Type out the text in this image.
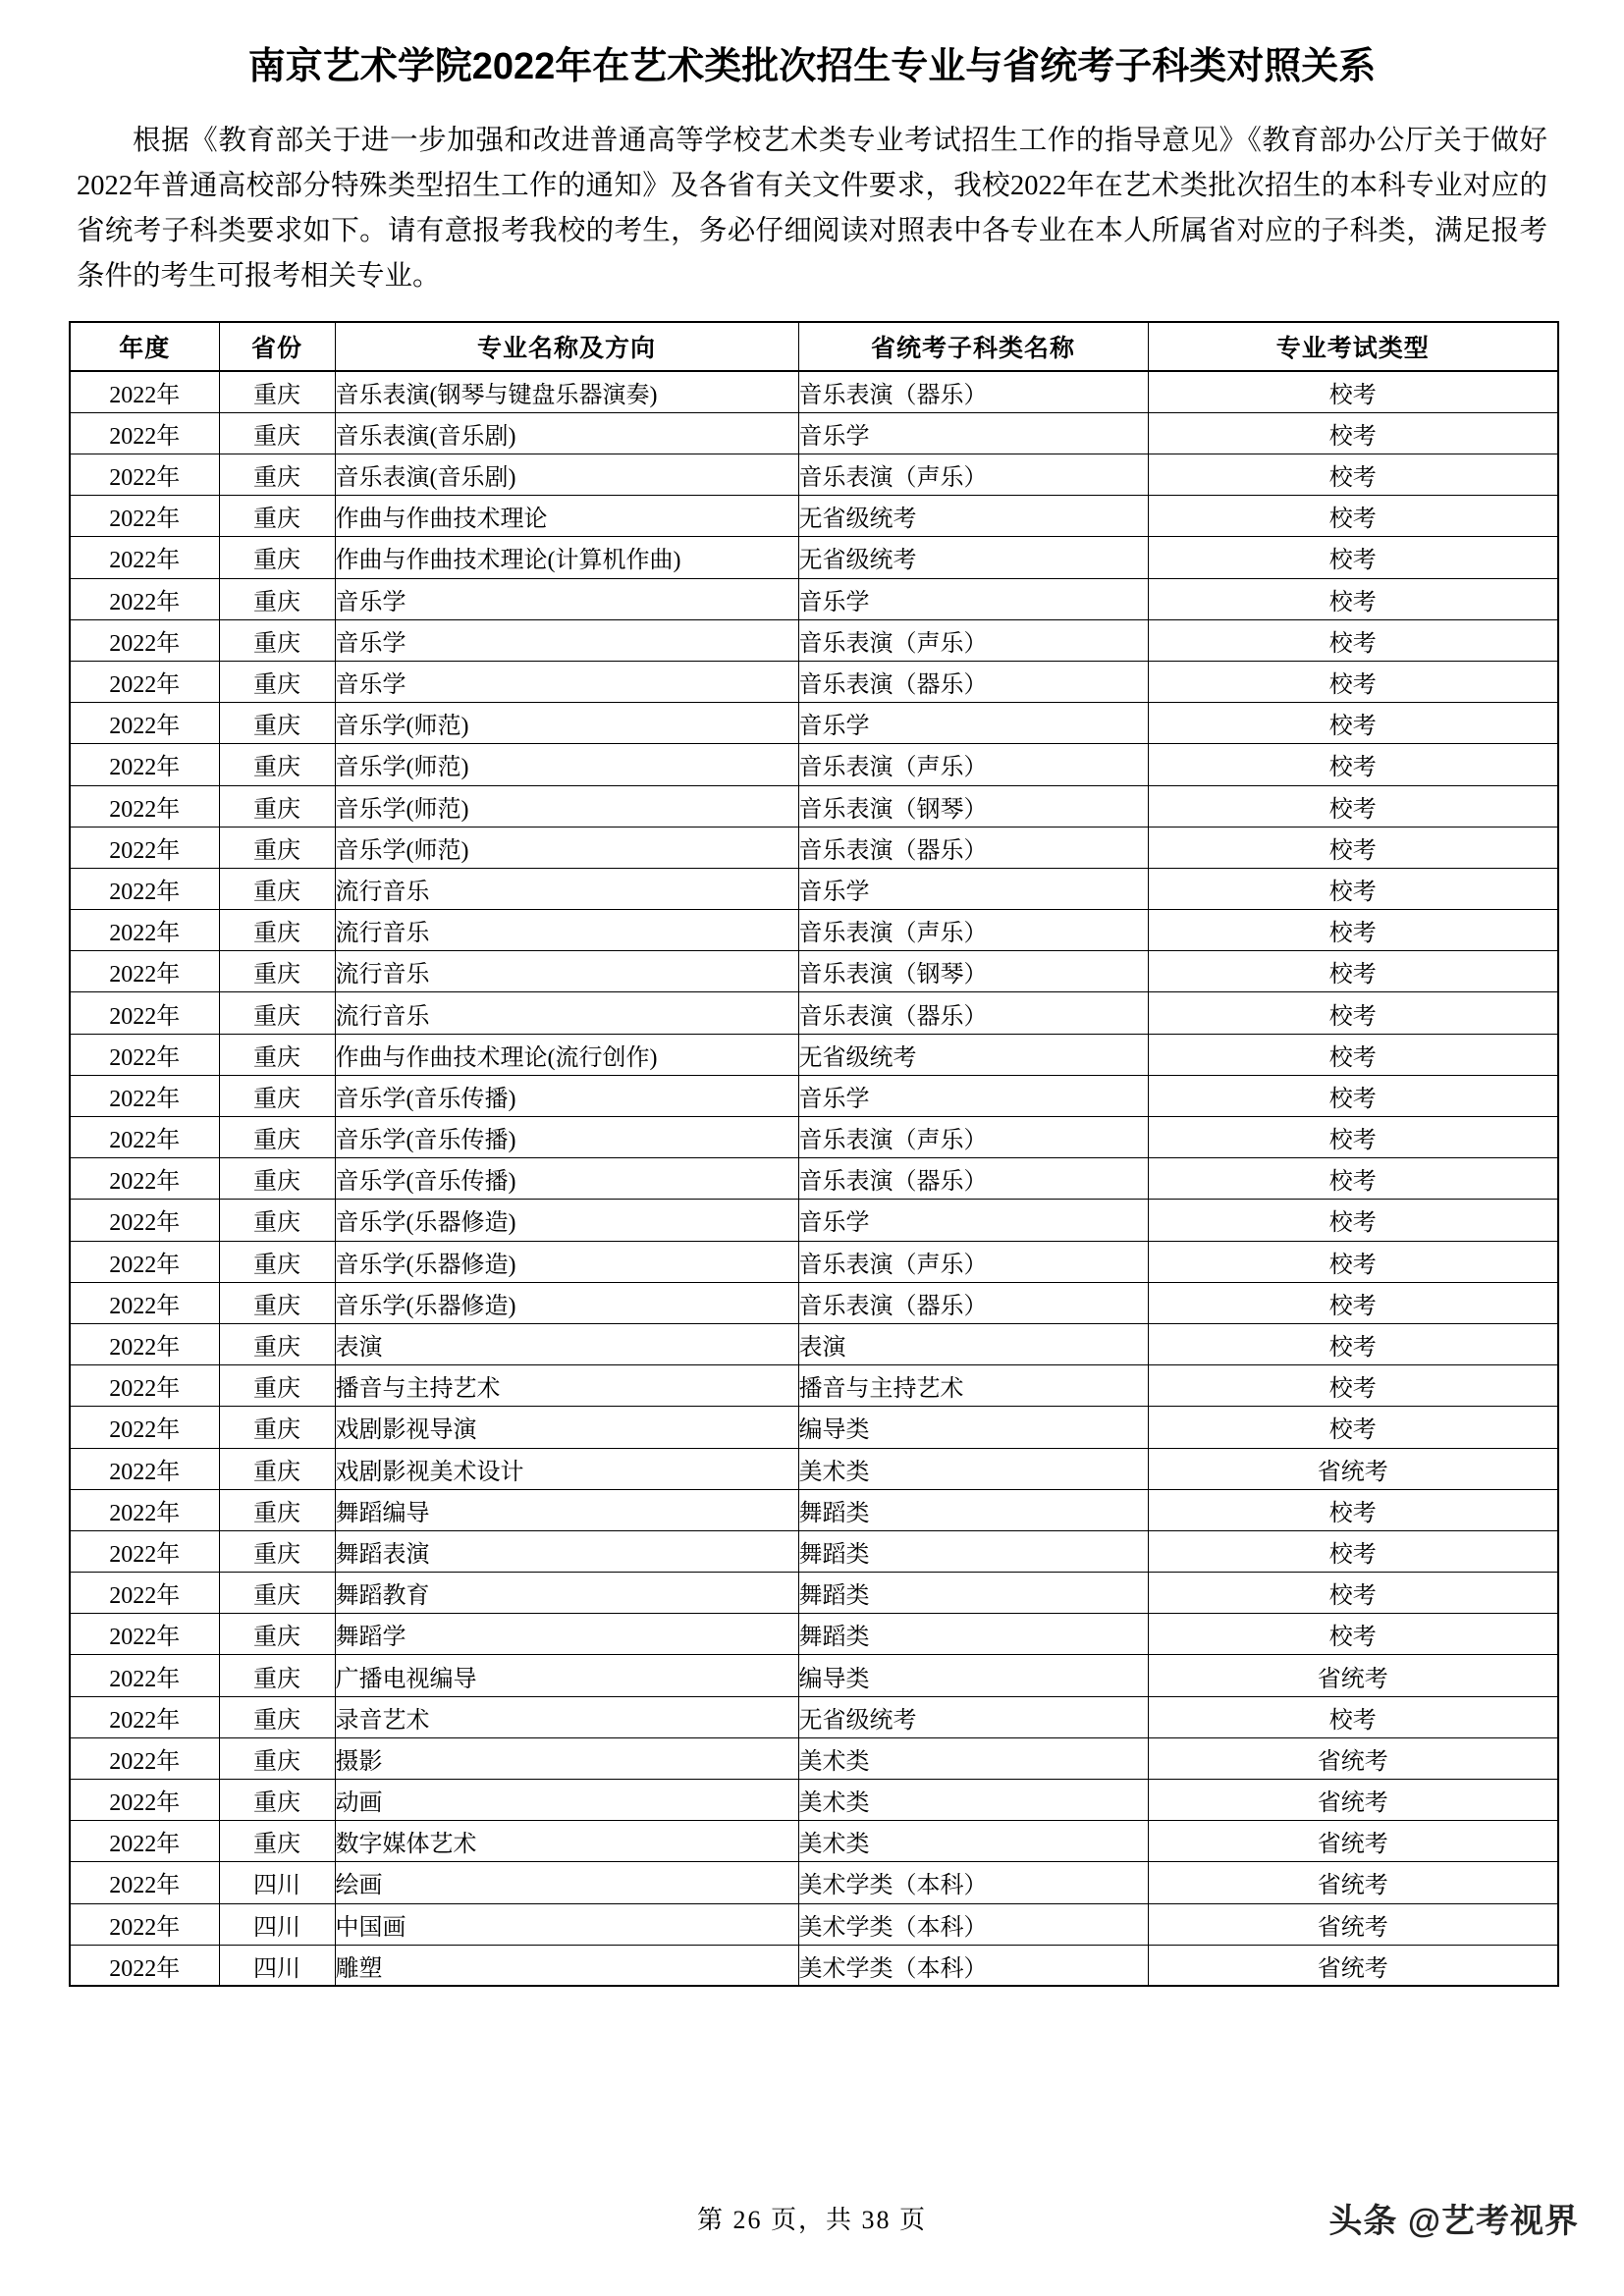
南京艺术学院2022年在艺术类批次招生专业与省统考子科类对照关系

根据《教育部关于进一步加强和改进普通高等学校艺术类专业考试招生工作的指导意见》《教育部办公厅关于做好2022年普通高校部分特殊类型招生工作的通知》及各省有关文件要求，我校2022年在艺术类批次招生的本科专业对应的省统考子科类要求如下。请有意报考我校的考生，务必仔细阅读对照表中各专业在本人所属省对应的子科类，满足报考条件的考生可报考相关专业。

年度	省份	专业名称及方向	省统考子科类名称	专业考试类型
2022年	重庆	音乐表演(钢琴与键盘乐器演奏)	音乐表演（器乐）	校考
2022年	重庆	音乐表演(音乐剧)	音乐学	校考
2022年	重庆	音乐表演(音乐剧)	音乐表演（声乐）	校考
2022年	重庆	作曲与作曲技术理论	无省级统考	校考
2022年	重庆	作曲与作曲技术理论(计算机作曲)	无省级统考	校考
2022年	重庆	音乐学	音乐学	校考
2022年	重庆	音乐学	音乐表演（声乐）	校考
2022年	重庆	音乐学	音乐表演（器乐）	校考
2022年	重庆	音乐学(师范)	音乐学	校考
2022年	重庆	音乐学(师范)	音乐表演（声乐）	校考
2022年	重庆	音乐学(师范)	音乐表演（钢琴）	校考
2022年	重庆	音乐学(师范)	音乐表演（器乐）	校考
2022年	重庆	流行音乐	音乐学	校考
2022年	重庆	流行音乐	音乐表演（声乐）	校考
2022年	重庆	流行音乐	音乐表演（钢琴）	校考
2022年	重庆	流行音乐	音乐表演（器乐）	校考
2022年	重庆	作曲与作曲技术理论(流行创作)	无省级统考	校考
2022年	重庆	音乐学(音乐传播)	音乐学	校考
2022年	重庆	音乐学(音乐传播)	音乐表演（声乐）	校考
2022年	重庆	音乐学(音乐传播)	音乐表演（器乐）	校考
2022年	重庆	音乐学(乐器修造)	音乐学	校考
2022年	重庆	音乐学(乐器修造)	音乐表演（声乐）	校考
2022年	重庆	音乐学(乐器修造)	音乐表演（器乐）	校考
2022年	重庆	表演	表演	校考
2022年	重庆	播音与主持艺术	播音与主持艺术	校考
2022年	重庆	戏剧影视导演	编导类	校考
2022年	重庆	戏剧影视美术设计	美术类	省统考
2022年	重庆	舞蹈编导	舞蹈类	校考
2022年	重庆	舞蹈表演	舞蹈类	校考
2022年	重庆	舞蹈教育	舞蹈类	校考
2022年	重庆	舞蹈学	舞蹈类	校考
2022年	重庆	广播电视编导	编导类	省统考
2022年	重庆	录音艺术	无省级统考	校考
2022年	重庆	摄影	美术类	省统考
2022年	重庆	动画	美术类	省统考
2022年	重庆	数字媒体艺术	美术类	省统考
2022年	四川	绘画	美术学类（本科）	省统考
2022年	四川	中国画	美术学类（本科）	省统考
2022年	四川	雕塑	美术学类（本科）	省统考
第 26 页，共 38 页	头条 @艺考视界
